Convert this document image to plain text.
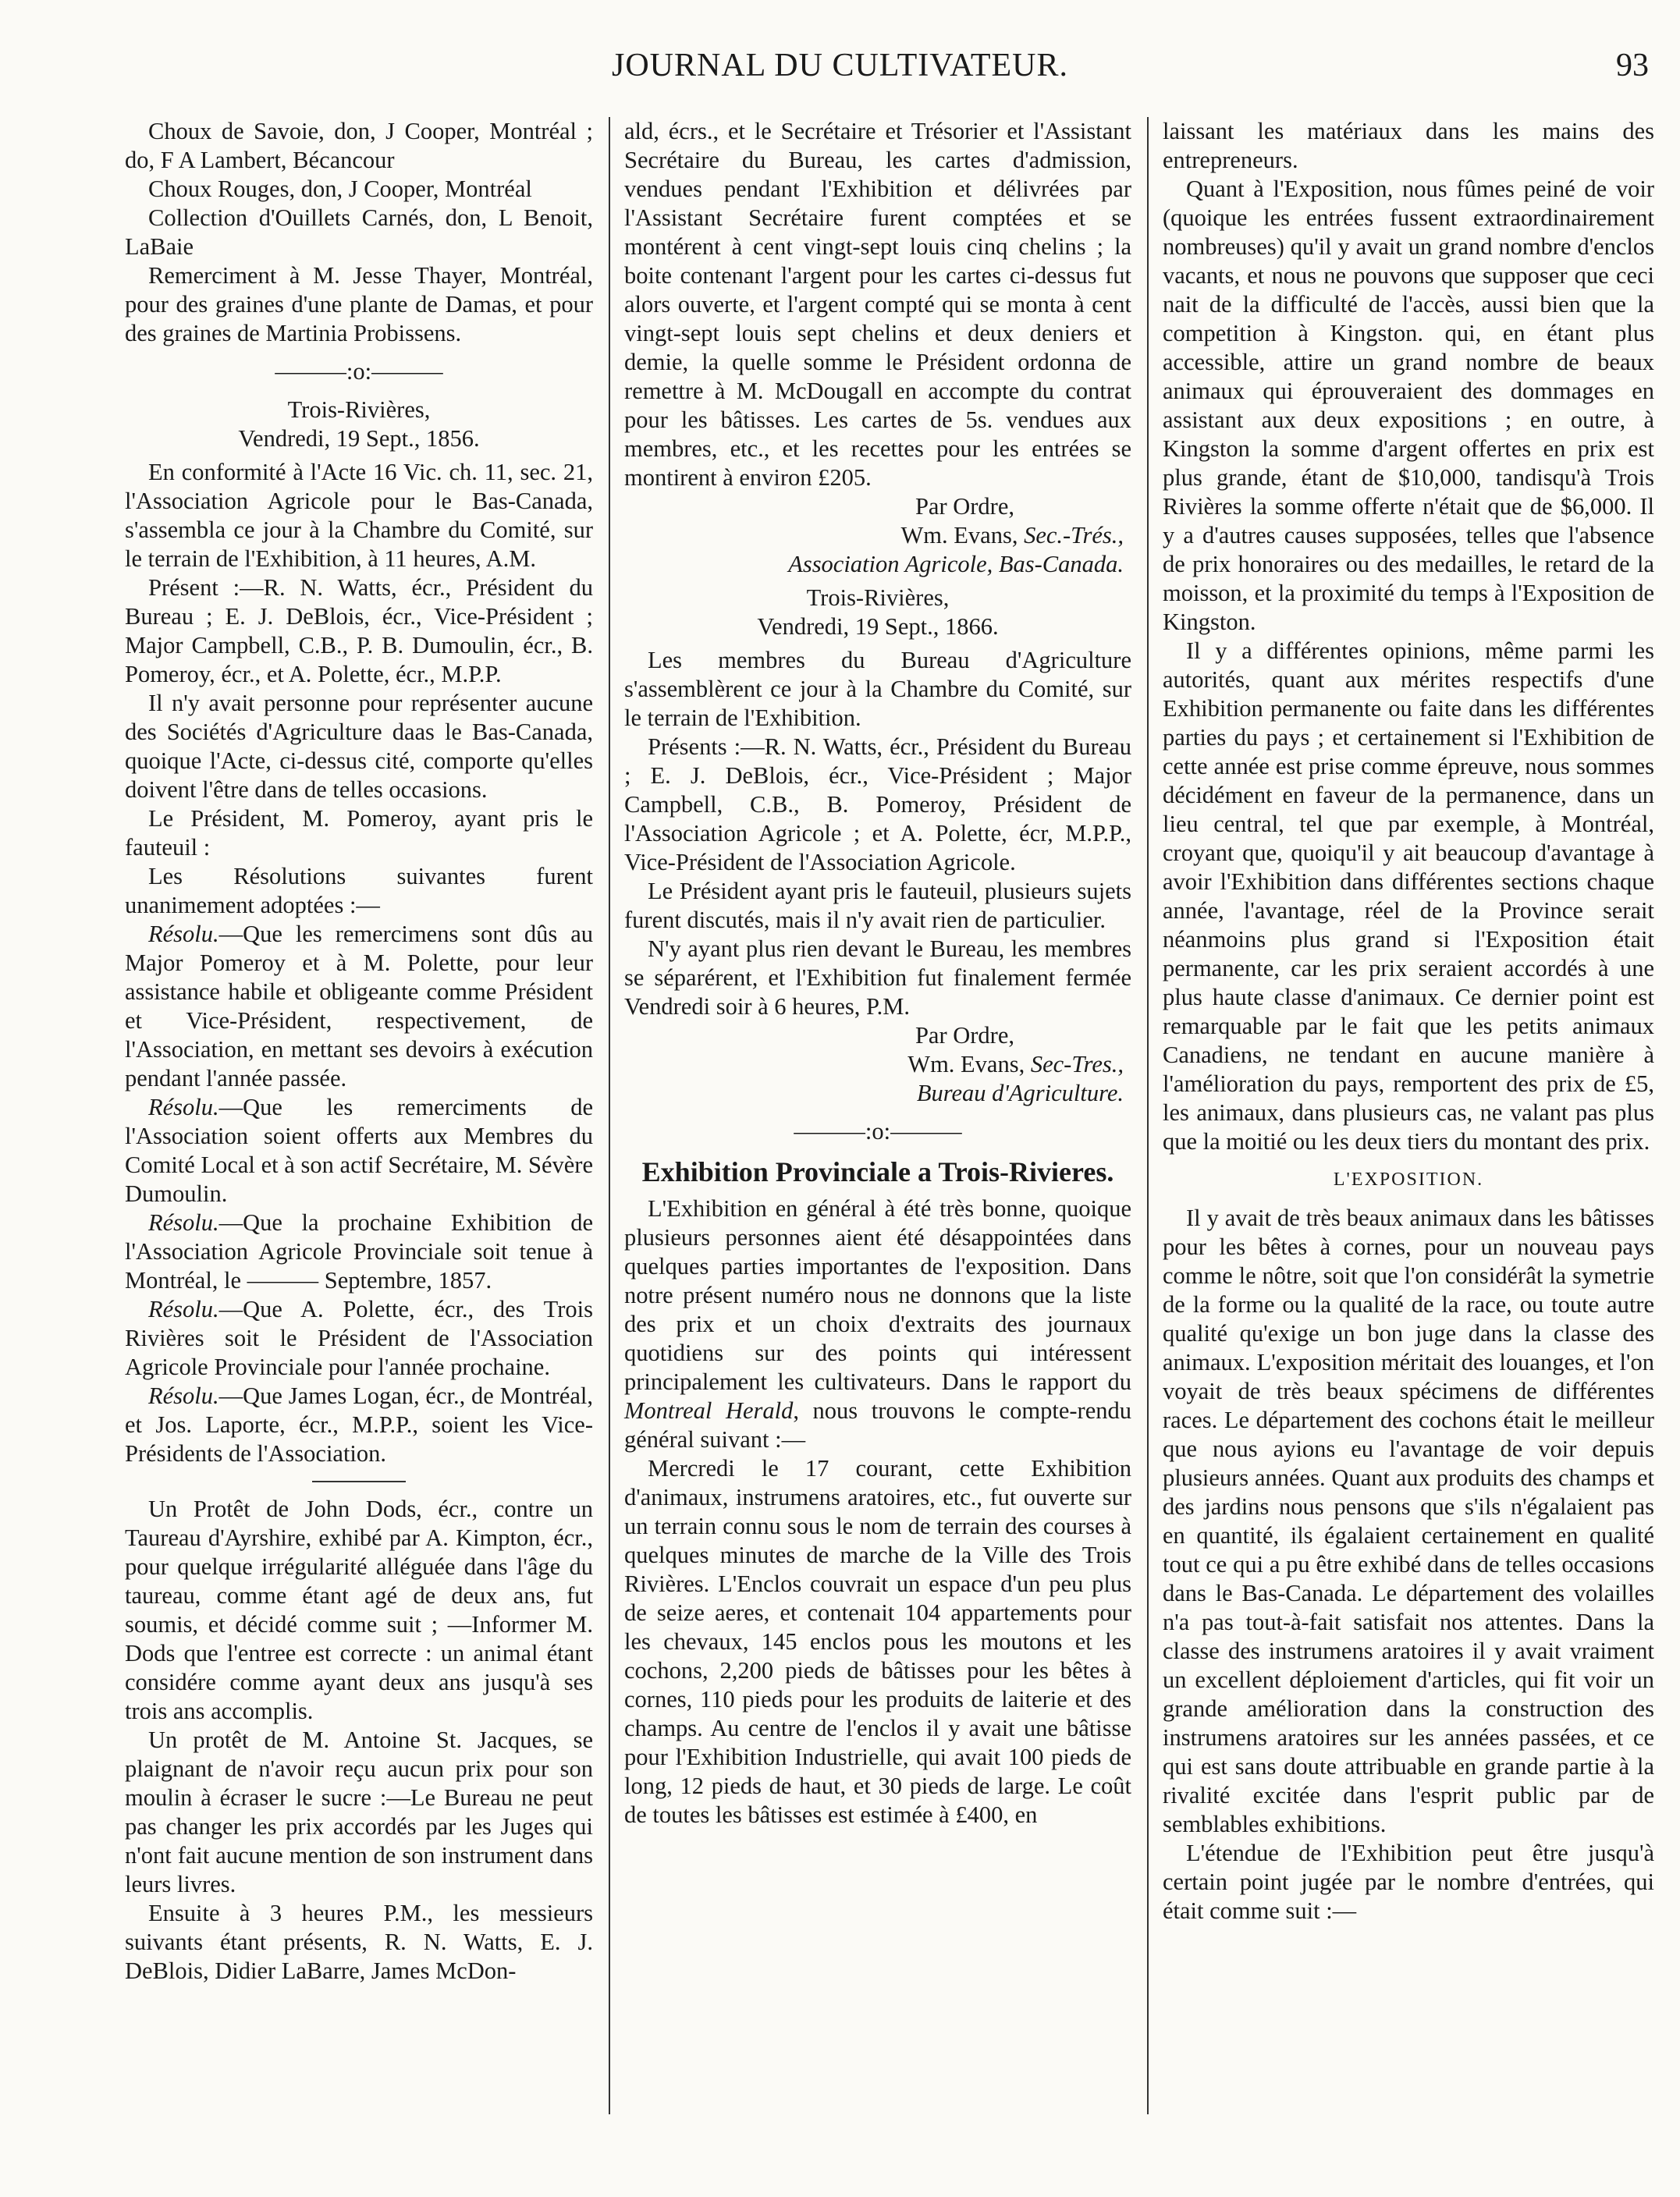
JOURNAL DU CULTIVATEUR.	93

Choux de Savoie, don, J Cooper, Montréal ; do, F A Lambert, Bécancour

Choux Rouges, don, J Cooper, Montréal

Collection d'Ouillets Carnés, don, L Benoit, LaBaie

Remerciment à M. Jesse Thayer, Montréal, pour des graines d'une plante de Damas, et pour des graines de Martinia Probissens.

———:o:———
Trois-Rivières,
Vendredi, 19 Sept., 1856.

En conformité à l'Acte 16 Vic. ch. 11, sec. 21, l'Association Agricole pour le Bas-Canada, s'assembla ce jour à la Chambre du Comité, sur le terrain de l'Exhibition, à 11 heures, A.M.

Présent :—R. N. Watts, écr., Président du Bureau ; E. J. DeBlois, écr., Vice-Président ; Major Campbell, C.B., P. B. Dumoulin, écr., B. Pomeroy, écr., et A. Polette, écr., M.P.P.

Il n'y avait personne pour représenter aucune des Sociétés d'Agriculture daas le Bas-Canada, quoique l'Acte, ci-dessus cité, comporte qu'elles doivent l'être dans de telles occasions.

Le Président, M. Pomeroy, ayant pris le fauteuil :

Les Résolutions suivantes furent unanimement adoptées :—

Résolu.—Que les remercimens sont dûs au Major Pomeroy et à M. Polette, pour leur assistance habile et obligeante comme Président et Vice-Président, respectivement, de l'Association, en mettant ses devoirs à exécution pendant l'année passée.

Résolu.—Que les remerciments de l'Association soient offerts aux Membres du Comité Local et à son actif Secrétaire, M. Sévère Dumoulin.

Résolu.—Que la prochaine Exhibition de l'Association Agricole Provinciale soit tenue à Montréal, le ——— Septembre, 1857.

Résolu.—Que A. Polette, écr., des Trois Rivières soit le Président de l'Association Agricole Provinciale pour l'année prochaine.

Résolu.—Que James Logan, écr., de Montréal, et Jos. Laporte, écr., M.P.P., soient les Vice-Présidents de l'Association.

Un Protêt de John Dods, écr., contre un Taureau d'Ayrshire, exhibé par A. Kimpton, écr., pour quelque irrégularité alléguée dans l'âge du taureau, comme étant agé de deux ans, fut soumis, et décidé comme suit ; —Informer M. Dods que l'entree est correcte : un animal étant considére comme ayant deux ans jusqu'à ses trois ans accomplis.

Un protêt de M. Antoine St. Jacques, se plaignant de n'avoir reçu aucun prix pour son moulin à écraser le sucre :—Le Bureau ne peut pas changer les prix accordés par les Juges qui n'ont fait aucune mention de son instrument dans leurs livres.

Ensuite à 3 heures P.M., les messieurs suivants étant présents, R. N. Watts, E. J. DeBlois, Didier LaBarre, James McDon-

ald, écrs., et le Secrétaire et Trésorier et l'Assistant Secrétaire du Bureau, les cartes d'admission, vendues pendant l'Exhibition et délivrées par l'Assistant Secrétaire furent comptées et se montérent à cent vingt-sept louis cinq chelins ; la boite contenant l'argent pour les cartes ci-dessus fut alors ouverte, et l'argent compté qui se monta à cent vingt-sept louis sept chelins et deux deniers et demie, la quelle somme le Président ordonna de remettre à M. McDougall en accompte du contrat pour les bâtisses. Les cartes de 5s. vendues aux membres, etc., et les recettes pour les entrées se montirent à environ £205.

Par Ordre,
Wm. Evans, Sec.-Trés.,
Association Agricole, Bas-Canada.
Trois-Rivières,
Vendredi, 19 Sept., 1866.

Les membres du Bureau d'Agriculture s'assemblèrent ce jour à la Chambre du Comité, sur le terrain de l'Exhibition.

Présents :—R. N. Watts, écr., Président du Bureau ; E. J. DeBlois, écr., Vice-Président ; Major Campbell, C.B., B. Pomeroy, Président de l'Association Agricole ; et A. Polette, écr, M.P.P., Vice-Président de l'Association Agricole.

Le Président ayant pris le fauteuil, plusieurs sujets furent discutés, mais il n'y avait rien de particulier.

N'y ayant plus rien devant le Bureau, les membres se séparérent, et l'Exhibition fut finalement fermée Vendredi soir à 6 heures, P.M.

Par Ordre,
Wm. Evans, Sec-Tres.,
Bureau d'Agriculture.
———:o:———
Exhibition Provinciale a Trois-Rivieres.

L'Exhibition en général à été très bonne, quoique plusieurs personnes aient été désappointées dans quelques parties importantes de l'exposition. Dans notre présent numéro nous ne donnons que la liste des prix et un choix d'extraits des journaux quotidiens sur des points qui intéressent principalement les cultivateurs. Dans le rapport du Montreal Herald, nous trouvons le compte-rendu général suivant :—

Mercredi le 17 courant, cette Exhibition d'animaux, instrumens aratoires, etc., fut ouverte sur un terrain connu sous le nom de terrain des courses à quelques minutes de marche de la Ville des Trois Rivières. L'Enclos couvrait un espace d'un peu plus de seize aeres, et contenait 104 appartements pour les chevaux, 145 enclos pous les moutons et les cochons, 2,200 pieds de bâtisses pour les bêtes à cornes, 110 pieds pour les produits de laiterie et des champs. Au centre de l'enclos il y avait une bâtisse pour l'Exhibition Industrielle, qui avait 100 pieds de long, 12 pieds de haut, et 30 pieds de large. Le coût de toutes les bâtisses est estimée à £400, en

laissant les matériaux dans les mains des entrepreneurs.

Quant à l'Exposition, nous fûmes peiné de voir (quoique les entrées fussent extraordinairement nombreuses) qu'il y avait un grand nombre d'enclos vacants, et nous ne pouvons que supposer que ceci nait de la difficulté de l'accès, aussi bien que la competition à Kingston. qui, en étant plus accessible, attire un grand nombre de beaux animaux qui éprouveraient des dommages en assistant aux deux expositions ; en outre, à Kingston la somme d'argent offertes en prix est plus grande, étant de $10,000, tandisqu'à Trois Rivières la somme offerte n'était que de $6,000. Il y a d'autres causes supposées, telles que l'absence de prix honoraires ou des medailles, le retard de la moisson, et la proximité du temps à l'Exposition de Kingston.

Il y a différentes opinions, même parmi les autorités, quant aux mérites respectifs d'une Exhibition permanente ou faite dans les différentes parties du pays ; et certainement si l'Exhibition de cette année est prise comme épreuve, nous sommes décidément en faveur de la permanence, dans un lieu central, tel que par exemple, à Montréal, croyant que, quoiqu'il y ait beaucoup d'avantage à avoir l'Exhibition dans différentes sections chaque année, l'avantage, réel de la Province serait néanmoins plus grand si l'Exposition était permanente, car les prix seraient accordés à une plus haute classe d'animaux. Ce dernier point est remarquable par le fait que les petits animaux Canadiens, ne tendant en aucune manière à l'amélioration du pays, remportent des prix de £5, les animaux, dans plusieurs cas, ne valant pas plus que la moitié ou les deux tiers du montant des prix.

L'EXPOSITION.

Il y avait de très beaux animaux dans les bâtisses pour les bêtes à cornes, pour un nouveau pays comme le nôtre, soit que l'on considérât la symetrie de la forme ou la qualité de la race, ou toute autre qualité qu'exige un bon juge dans la classe des animaux. L'exposition méritait des louanges, et l'on voyait de très beaux spécimens de différentes races. Le département des cochons était le meilleur que nous ayions eu l'avantage de voir depuis plusieurs années. Quant aux produits des champs et des jardins nous pensons que s'ils n'égalaient pas en quantité, ils égalaient certainement en qualité tout ce qui a pu être exhibé dans de telles occasions dans le Bas-Canada. Le département des volailles n'a pas tout-à-fait satisfait nos attentes. Dans la classe des instrumens aratoires il y avait vraiment un excellent déploiement d'articles, qui fit voir un grande amélioration dans la construction des instrumens aratoires sur les années passées, et ce qui est sans doute attribuable en grande partie à la rivalité excitée dans l'esprit public par de semblables exhibitions.

L'étendue de l'Exhibition peut être jusqu'à certain point jugée par le nombre d'entrées, qui était comme suit :—
